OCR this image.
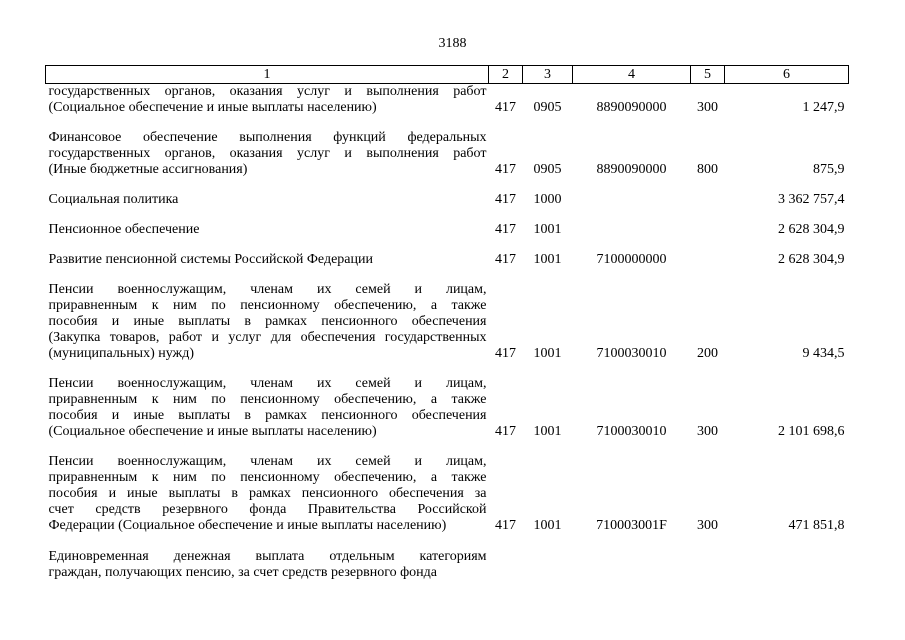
3188
1	2	3	4	5	6

государственных органов, оказания услуг и выполнения работ
(Социальное обеспечение и иные выплаты населению)	417	0905	8890090000	300	1 247,9

Финансовое обеспечение выполнения функций федеральных
государственных органов, оказания услуг и выполнения работ
(Иные бюджетные ассигнования)	417	0905	8890090000	800	875,9

Социальная политика	417	1000			3 362 757,4

Пенсионное обеспечение	417	1001			2 628 304,9

Развитие пенсионной системы Российской Федерации	417	1001	7100000000		2 628 304,9

Пенсии военнослужащим, членам их семей и лицам,
приравненным к ним по пенсионному обеспечению, а также
пособия и иные выплаты в рамках пенсионного обеспечения
(Закупка товаров, работ и услуг для обеспечения государственных
(муниципальных) нужд)	417	1001	7100030010	200	9 434,5

Пенсии военнослужащим, членам их семей и лицам,
приравненным к ним по пенсионному обеспечению, а также
пособия и иные выплаты в рамках пенсионного обеспечения
(Социальное обеспечение и иные выплаты населению)	417	1001	7100030010	300	2 101 698,6

Пенсии военнослужащим, членам их семей и лицам,
приравненным к ним по пенсионному обеспечению, а также
пособия и иные выплаты в рамках пенсионного обеспечения за
счет средств резервного фонда Правительства Российской
Федерации (Социальное обеспечение и иные выплаты населению)	417	1001	710003001F	300	471 851,8

Единовременная денежная выплата отдельным категориям
граждан, получающих пенсию, за счет средств резервного фонда					
